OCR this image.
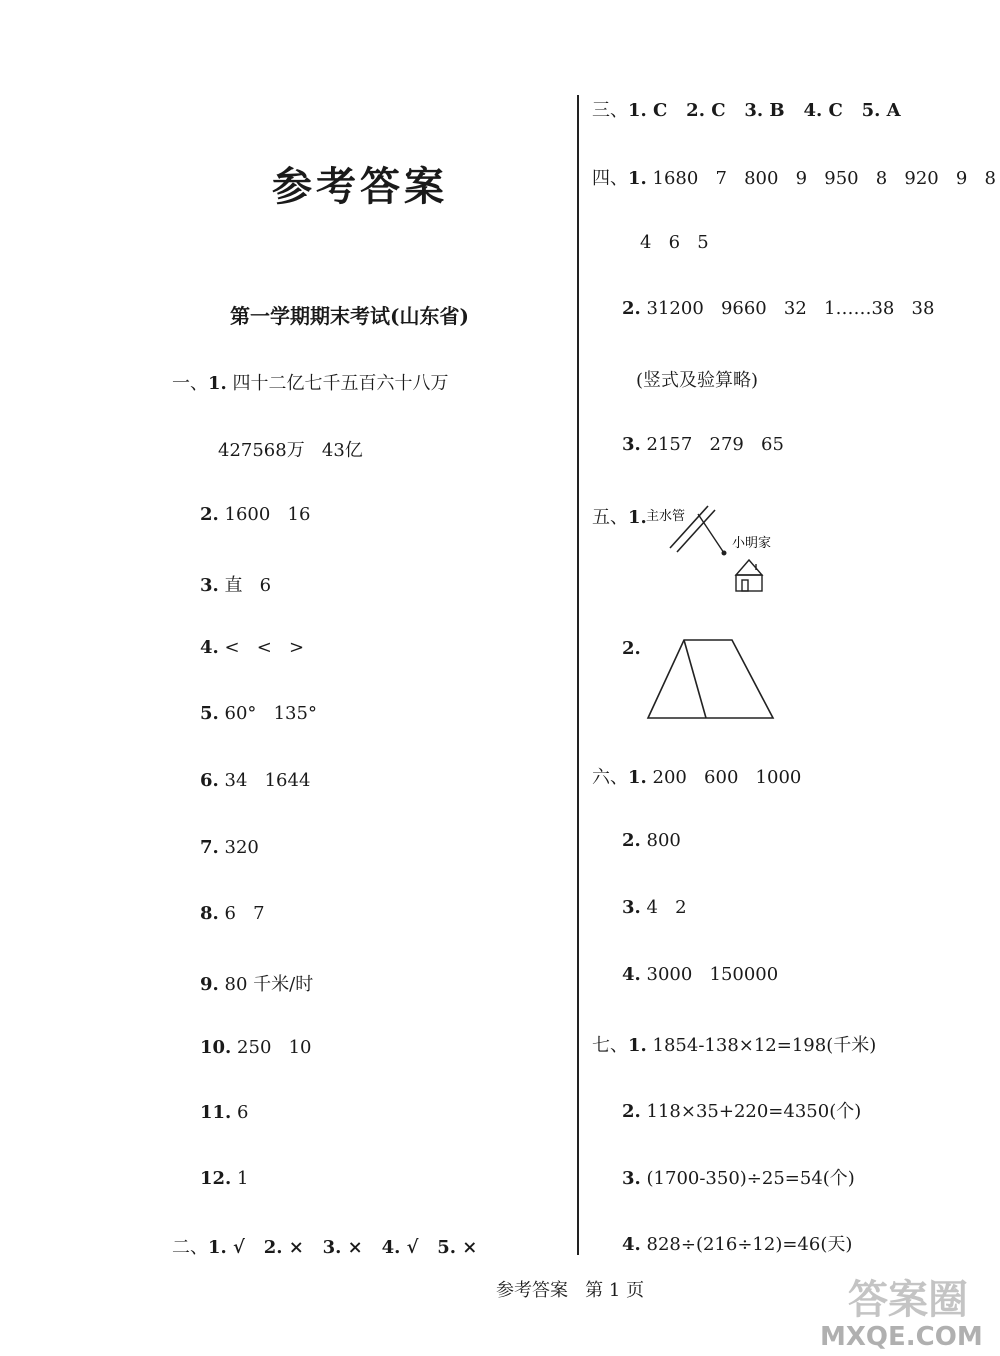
参考答案
第一学期期末考试(山东省)
一、1. 四十二亿七千五百六十八万
427568万   43亿
2. 1600   16
3. 直   6
4. <   <   >
5. 60°   135°
6. 34   1644
7. 320
8. 6   7
9. 80 千米/时
10. 250   10
11. 6
12. 1
二、1. √   2. ×   3. ×   4. √   5. ×
三、1. C   2. C   3. B   4. C   5. A
四、1. 1680   7   800   9   950   8   920   9   8
4   6   5
2. 31200   9660   32   1……38   38
(竖式及验算略)
3. 2157   279   65
五、1. 主水管
小明家
2.
六、1. 200   600   1000
2. 800
3. 4   2
4. 3000   150000
七、1. 1854-138×12=198(千米)
2. 118×35+220=4350(个)
3. (1700-350)÷25=54(个)
4. 828÷(216÷12)=46(天)
参考答案 第 1 页	答案圈
MXQE.COM
